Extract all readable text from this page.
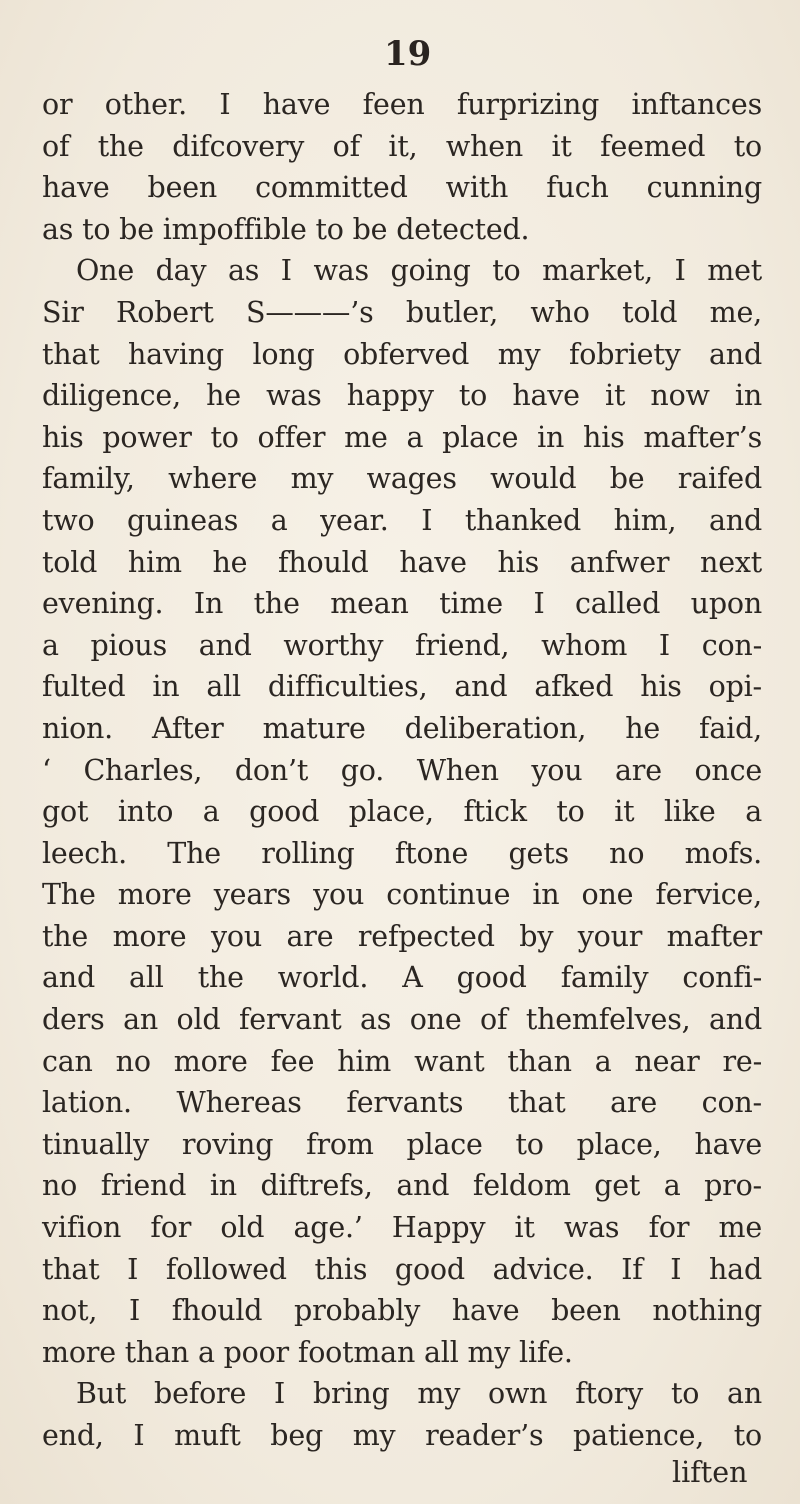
19
or other. I have feen furprizing inftances
of the difcovery of it, when it feemed to
have been committed with fuch cunning
as to be impoffible to be detected.
One day as I was going to market, I met
Sir Robert S———’s butler, who told me,
that having long obferved my fobriety and
diligence, he was happy to have it now in
his power to offer me a place in his mafter’s
family, where my wages would be raifed
two guineas a year. I thanked him, and
told him he fhould have his anfwer next
evening. In the mean time I called upon
a pious and worthy friend, whom I con-
fulted in all difficulties, and afked his opi-
nion. After mature deliberation, he faid,
‘ Charles, don’t go. When you are once
got into a good place, ftick to it like a
leech. The rolling ftone gets no mofs.
The more years you continue in one fervice,
the more you are refpected by your mafter
and all the world. A good family confi-
ders an old fervant as one of themfelves, and
can no more fee him want than a near re-
lation. Whereas fervants that are con-
tinually roving from place to place, have
no friend in diftrefs, and feldom get a pro-
vifion for old age.’ Happy it was for me
that I followed this good advice. If I had
not, I fhould probably have been nothing
more than a poor footman all my life.
But before I bring my own ftory to an
end, I muft beg my reader’s patience, to
liften
